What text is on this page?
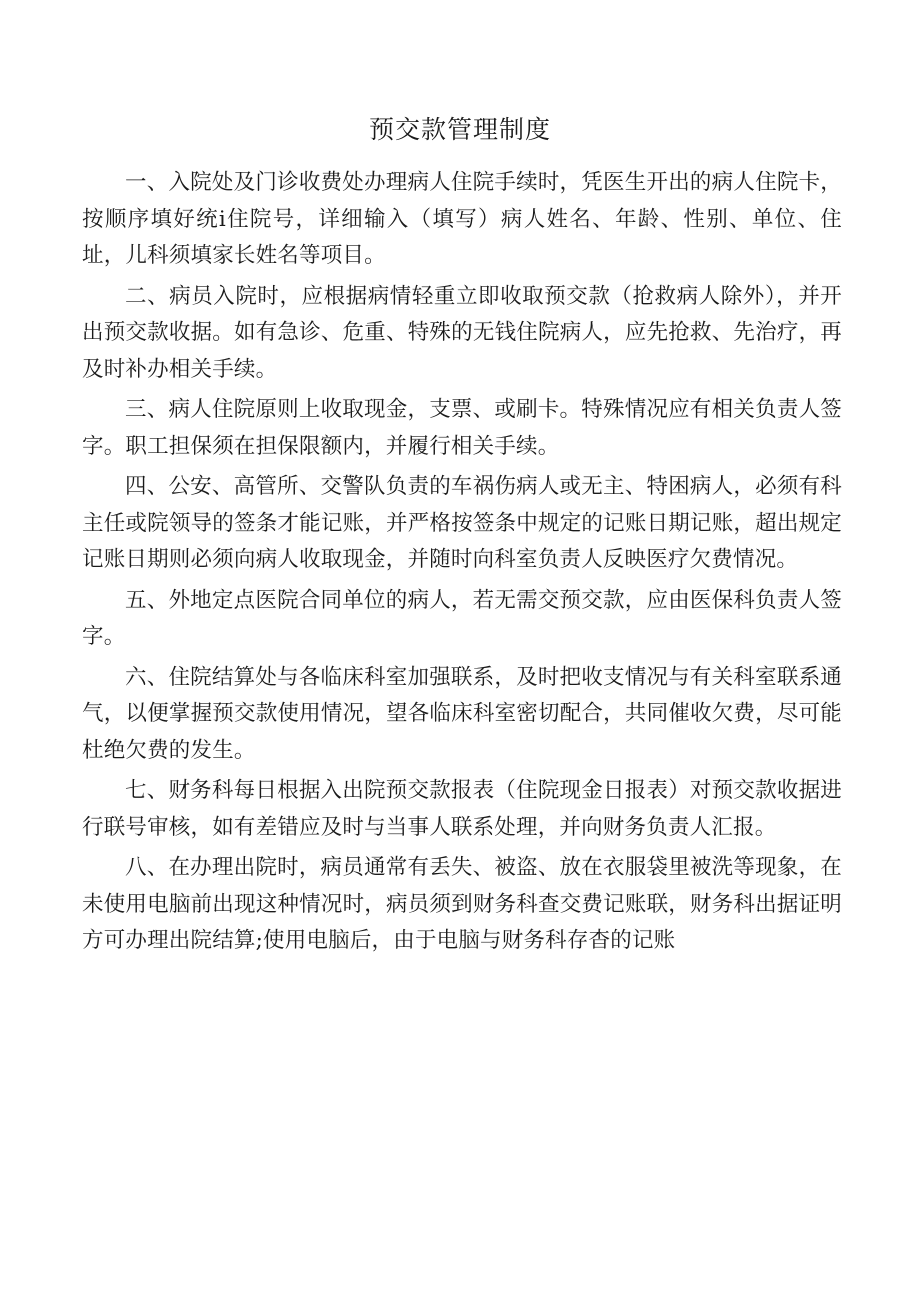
预交款管理制度

一、入院处及门诊收费处办理病人住院手续时，凭医生开出的病人住院卡，按顺序填好统i住院号，详细输入（填写）病人姓名、年龄、性别、单位、住址，儿科须填家长姓名等项目。

二、病员入院时，应根据病情轻重立即收取预交款（抢救病人除外），并开出预交款收据。如有急诊、危重、特殊的无钱住院病人，应先抢救、先治疗，再及时补办相关手续。

三、病人住院原则上收取现金，支票、或刷卡。特殊情况应有相关负责人签字。职工担保须在担保限额内，并履行相关手续。

四、公安、高管所、交警队负责的车祸伤病人或无主、特困病人，必须有科主任或院领导的签条才能记账，并严格按签条中规定的记账日期记账，超出规定记账日期则必须向病人收取现金，并随时向科室负责人反映医疗欠费情况。

五、外地定点医院合同单位的病人，若无需交预交款，应由医保科负责人签字。

六、住院结算处与各临床科室加强联系，及时把收支情况与有关科室联系通气，以便掌握预交款使用情况，望各临床科室密切配合，共同催收欠费，尽可能杜绝欠费的发生。

七、财务科每日根据入出院预交款报表（住院现金日报表）对预交款收据进行联号审核，如有差错应及时与当事人联系处理，并向财务负责人汇报。

八、在办理出院时，病员通常有丢失、被盗、放在衣服袋里被洗等现象，在未使用电脑前出现这种情况时，病员须到财务科查交费记账联，财务科出据证明方可办理出院结算;使用电脑后，由于电脑与财务科存杳的记账
